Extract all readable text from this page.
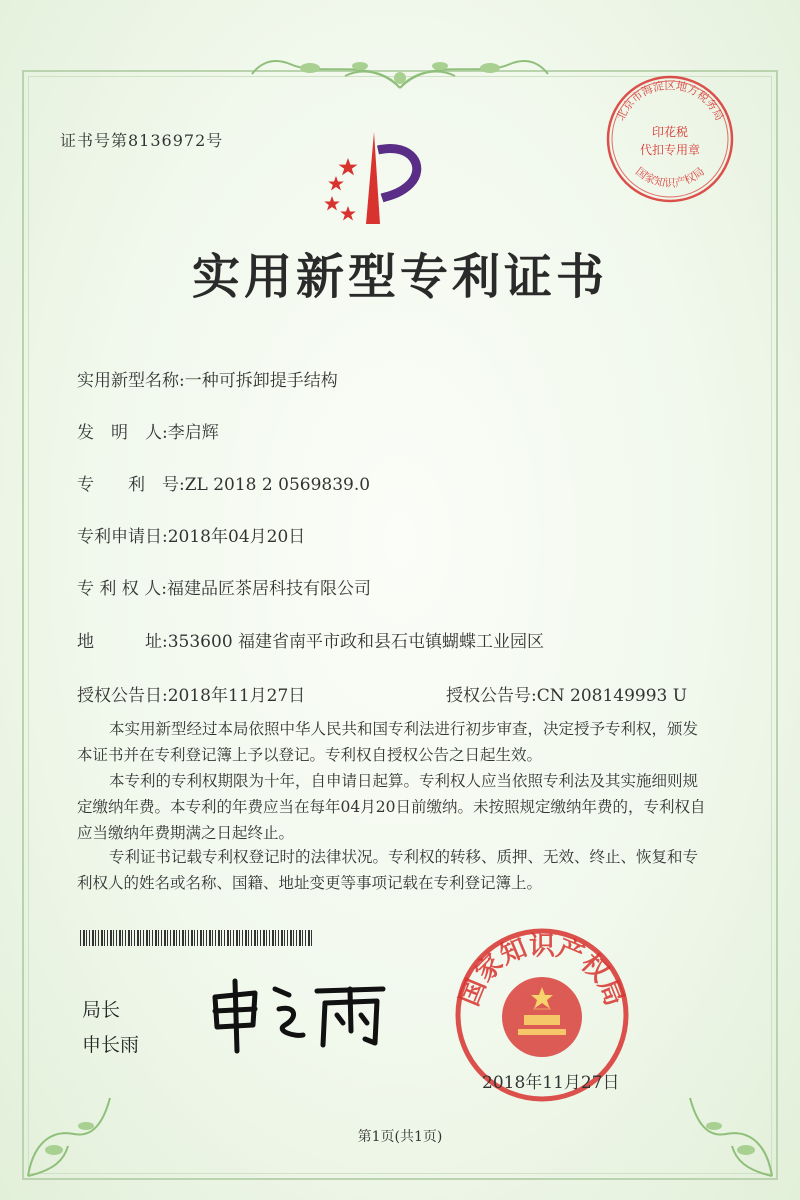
证书号第8136972号
实用新型专利证书
实用新型名称:一种可拆卸提手结构
发　明　人:李启辉
专　　利　号:ZL 2018 2 0569839.0
专利申请日:2018年04月20日
专 利 权 人:福建品匠茶居科技有限公司
地　　　址:353600 福建省南平市政和县石屯镇蝴蝶工业园区
授权公告日:2018年11月27日	授权公告号:CN 208149993 U
本实用新型经过本局依照中华人民共和国专利法进行初步审查，决定授予专利权，颁发本证书并在专利登记簿上予以登记。专利权自授权公告之日起生效。
本专利的专利权期限为十年，自申请日起算。专利权人应当依照专利法及其实施细则规定缴纳年费。本专利的年费应当在每年04月20日前缴纳。未按照规定缴纳年费的，专利权自应当缴纳年费期满之日起终止。
专利证书记载专利权登记时的法律状况。专利权的转移、质押、无效、终止、恢复和专利权人的姓名或名称、国籍、地址变更等事项记载在专利登记簿上。
局长
申长雨
国家知识产权局
2018年11月27日
北京市海淀区地方税务局
印花税
代扣专用章
国家知识产权局
第1页(共1页)
